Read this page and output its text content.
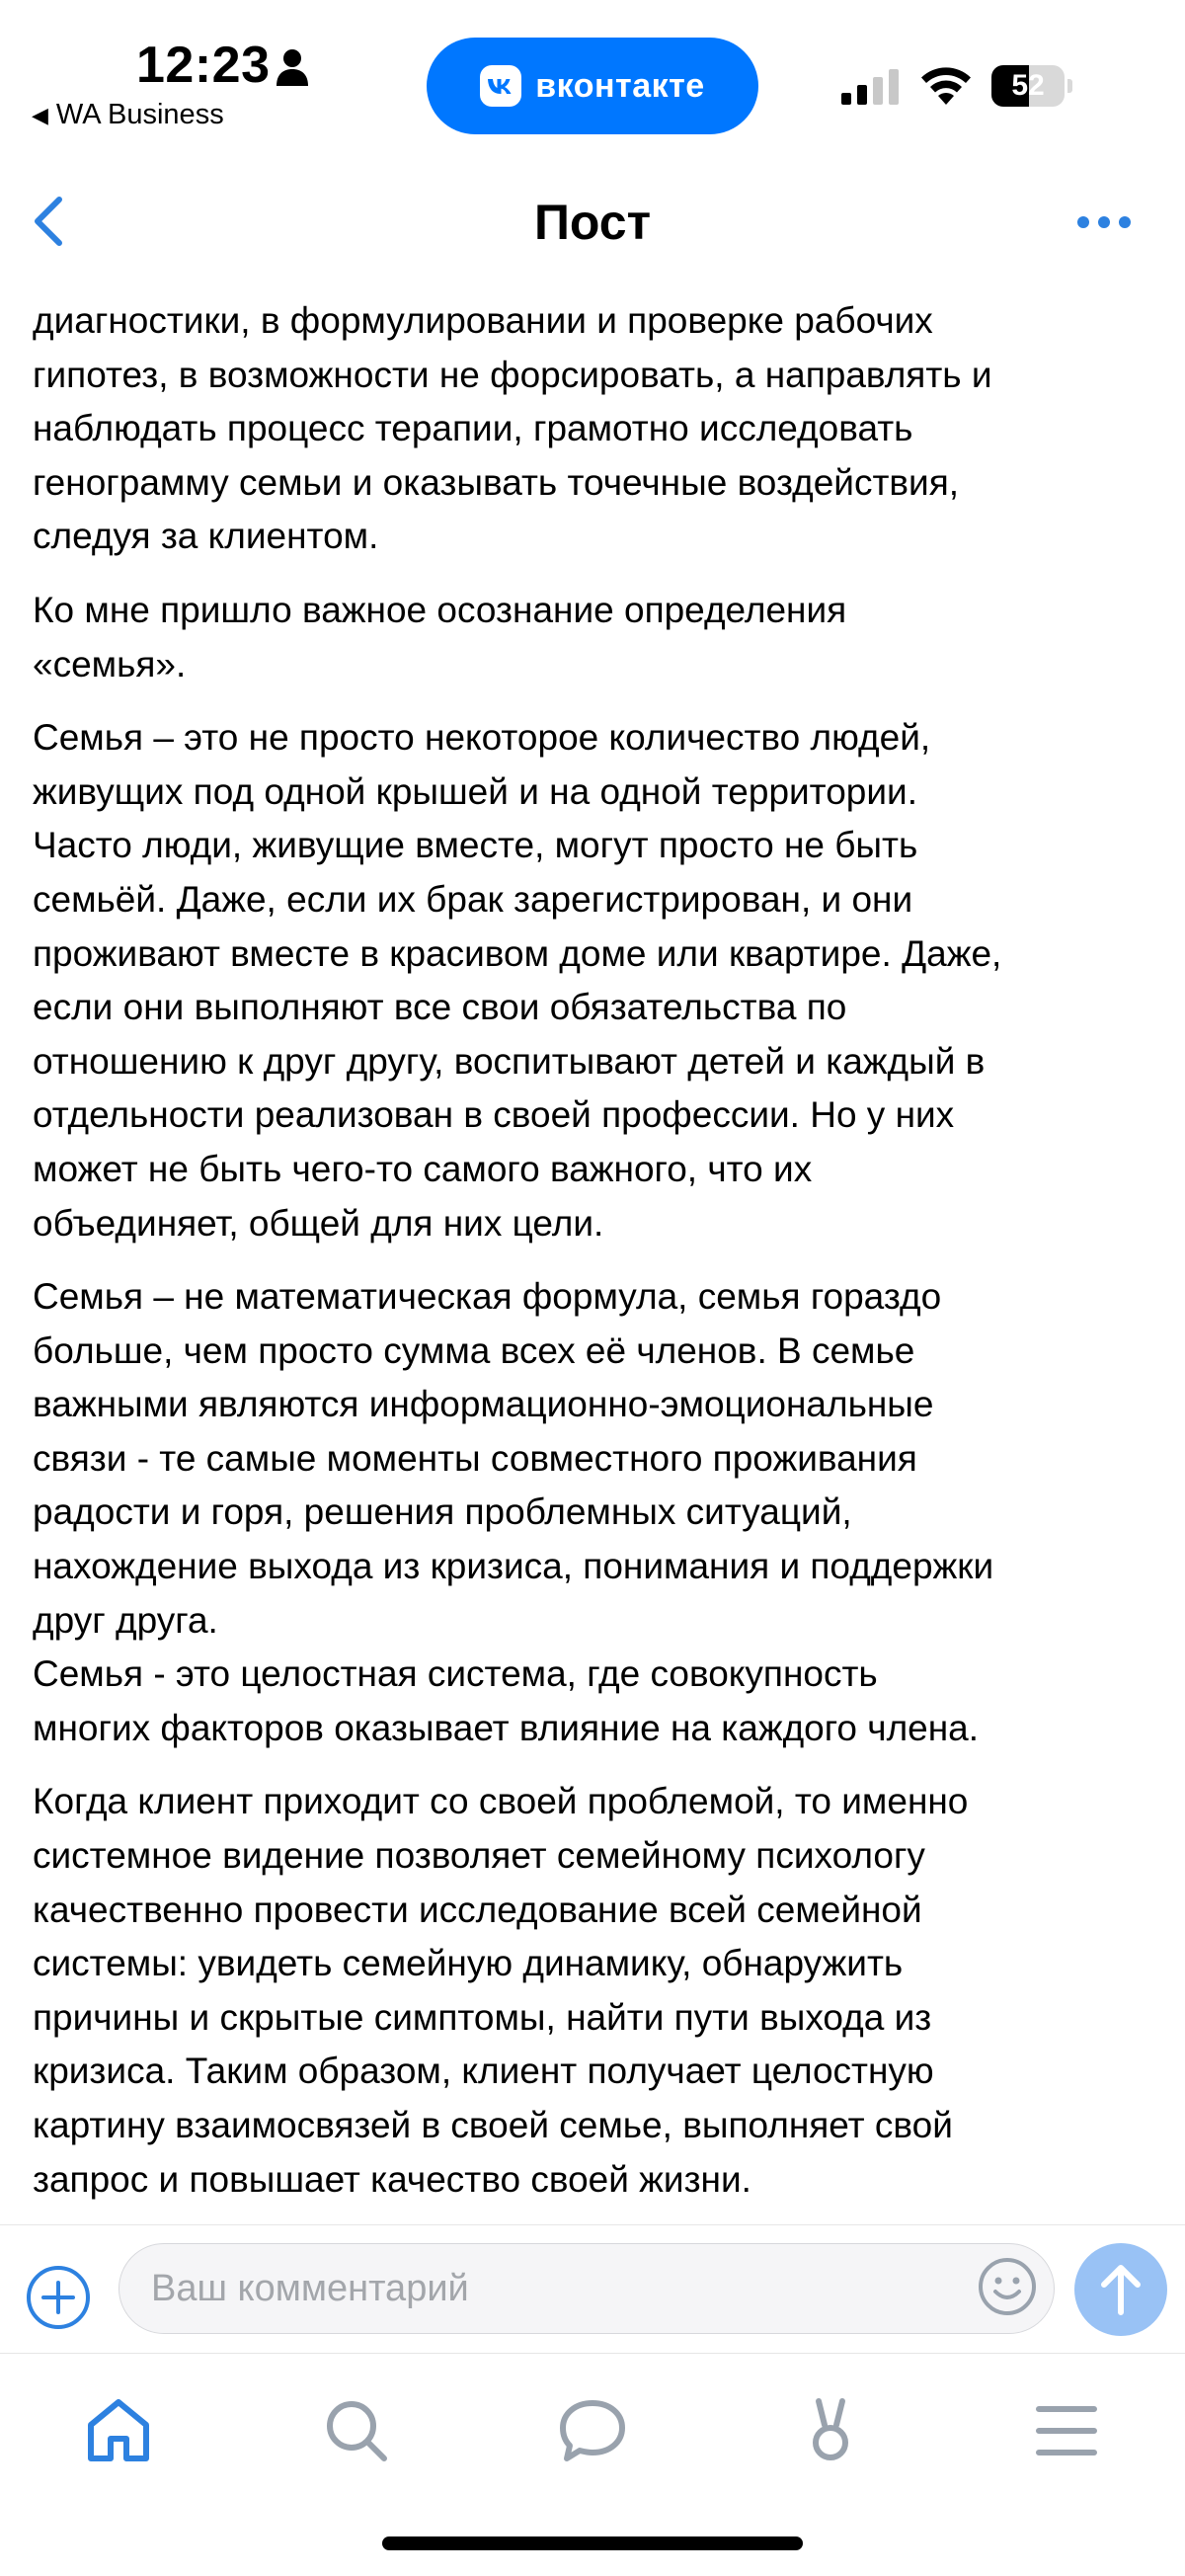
12:23
◀ WA Business
вконтакте	52
Пост

диагностики, в формулировании и проверке рабочих
гипотез, в возможности не форсировать, а направлять и
наблюдать процесс терапии, грамотно исследовать
генограмму семьи и оказывать точечные воздействия,
следуя за клиентом.

Ко мне пришло важное осознание определения
«семья».

Семья – это не просто некоторое количество людей,
живущих под одной крышей и на одной территории.
Часто люди, живущие вместе, могут просто не быть
семьёй. Даже, если их брак зарегистрирован, и они
проживают вместе в красивом доме или квартире. Даже,
если они выполняют все свои обязательства по
отношению к друг другу, воспитывают детей и каждый в
отдельности реализован в своей профессии. Но у них
может не быть чего-то самого важного, что их
объединяет, общей для них цели.

Семья – не математическая формула, семья гораздо
больше, чем просто сумма всех её членов. В семье
важными являются информационно-эмоциональные
связи - те самые моменты совместного проживания
радости и горя, решения проблемных ситуаций,
нахождение выхода из кризиса, понимания и поддержки
друг друга.
Семья - это целостная система, где совокупность
многих факторов оказывает влияние на каждого члена.

Когда клиент приходит со своей проблемой, то именно
системное видение позволяет семейному психологу
качественно провести исследование всей семейной
системы: увидеть семейную динамику, обнаружить
причины и скрытые симптомы, найти пути выхода из
кризиса. Таким образом, клиент получает целостную
картину взаимосвязей в своей семье, выполняет свой
запрос и повышает качество своей жизни.

Ваш комментарий
